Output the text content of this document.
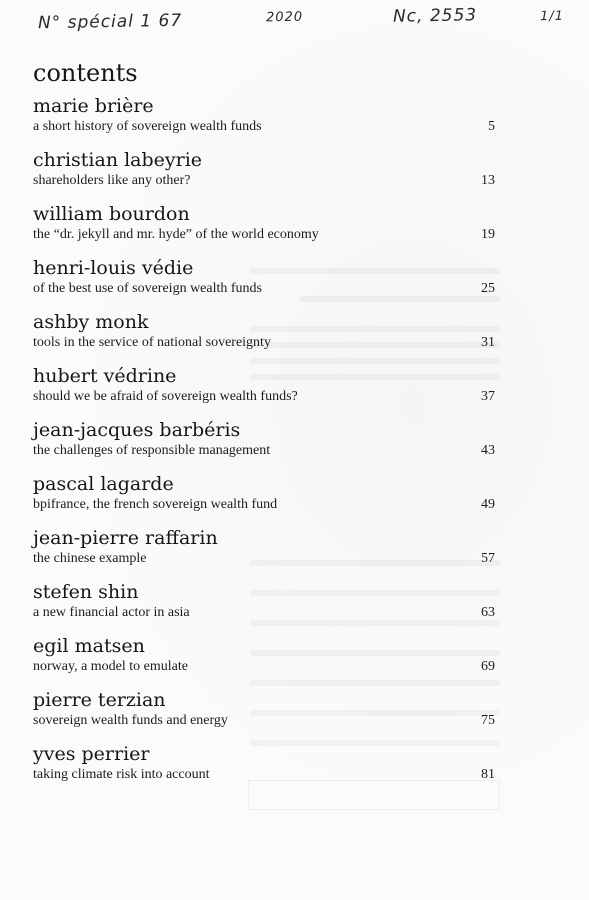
N° spécial 1 67	2020	Nc, 2553	1/1
contents
marie brière
a short history of sovereign wealth funds	5
christian labeyrie
shareholders like any other?	13
william bourdon
the “dr. jekyll and mr. hyde” of the world economy	19
henri-louis védie
of the best use of sovereign wealth funds	25
ashby monk
tools in the service of national sovereignty	31
hubert védrine
should we be afraid of sovereign wealth funds?	37
jean-jacques barbéris
the challenges of responsible management	43
pascal lagarde
bpifrance, the french sovereign wealth fund	49
jean-pierre raffarin
the chinese example	57
stefen shin
a new financial actor in asia	63
egil matsen
norway, a model to emulate	69
pierre terzian
sovereign wealth funds and energy	75
yves perrier
taking climate risk into account	81
